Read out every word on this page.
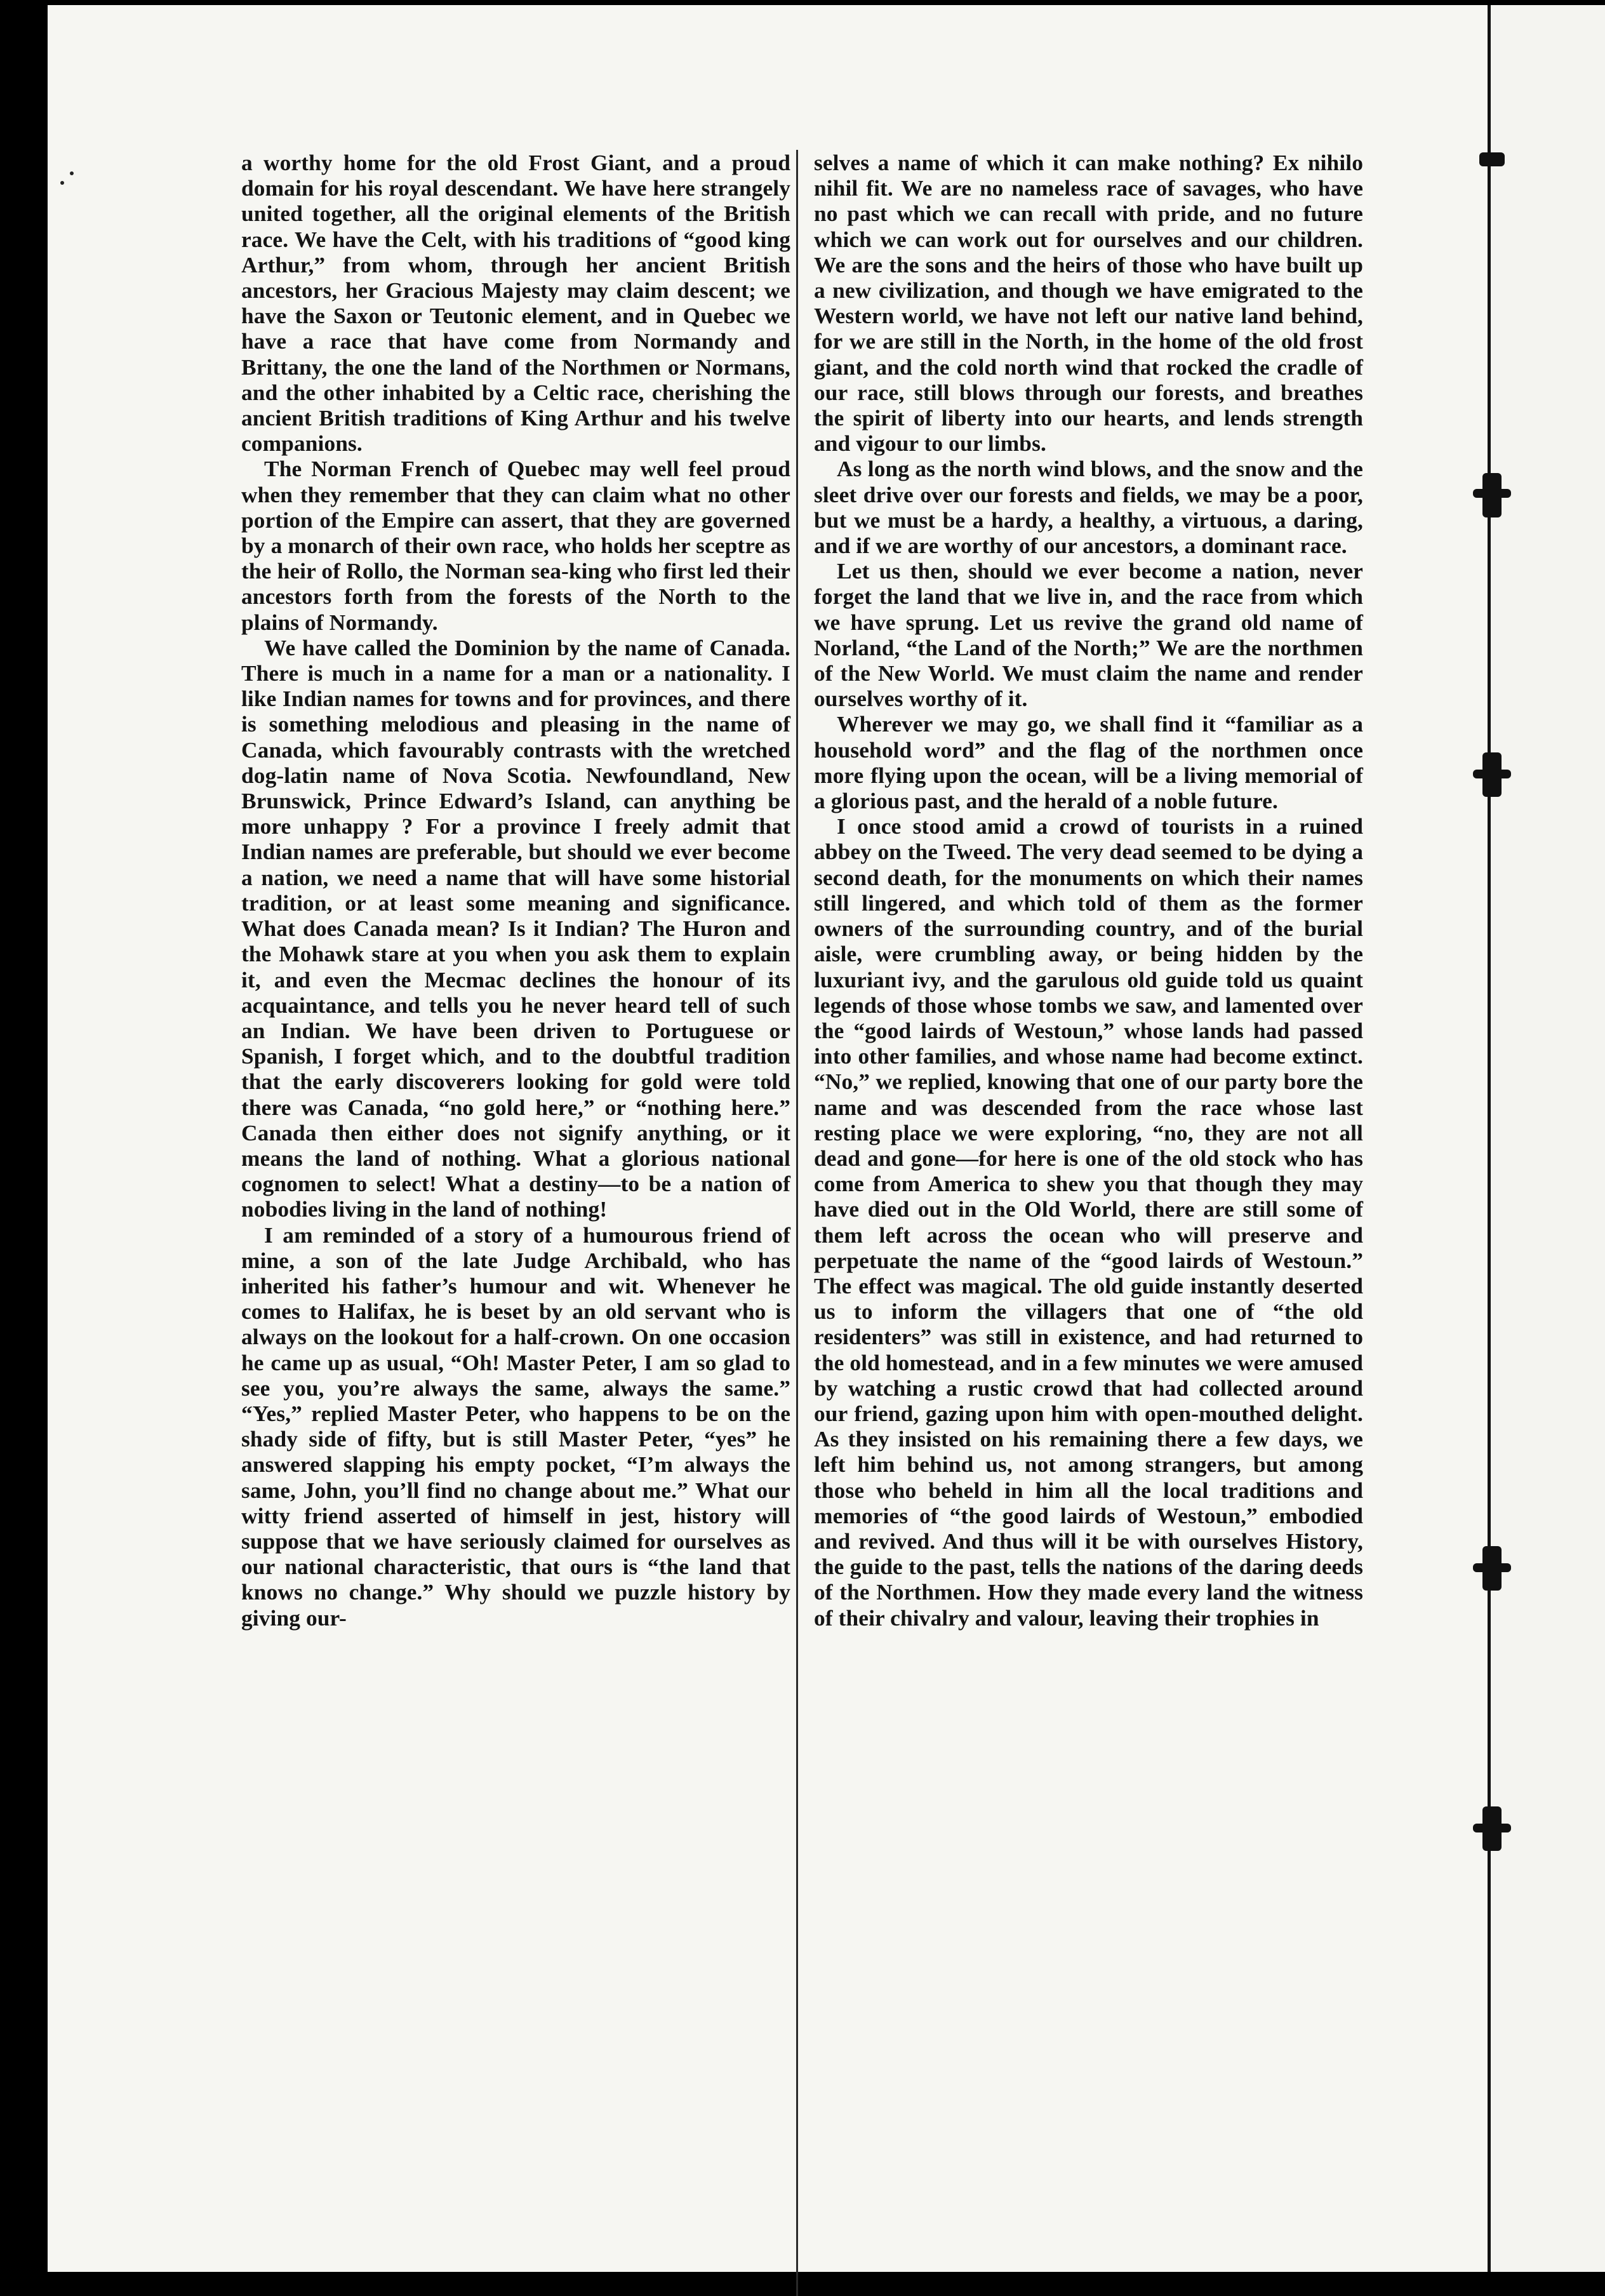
a worthy home for the old Frost Giant, and a proud domain for his royal descendant. We have here strangely united together, all the original elements of the British race. We have the Celt, with his traditions of “good king Arthur,” from whom, through her ancient British ancestors, her Gracious Majesty may claim descent; we have the Saxon or Teutonic element, and in Quebec we have a race that have come from Normandy and Brittany, the one the land of the Northmen or Normans, and the other inhabited by a Celtic race, cherishing the ancient British traditions of King Arthur and his twelve companions.

The Norman French of Quebec may well feel proud when they remember that they can claim what no other portion of the Empire can assert, that they are governed by a monarch of their own race, who holds her sceptre as the heir of Rollo, the Norman sea-king who first led their ancestors forth from the forests of the North to the plains of Normandy.

We have called the Dominion by the name of Canada. There is much in a name for a man or a nationality. I like Indian names for towns and for provinces, and there is something melodious and pleasing in the name of Canada, which favourably contrasts with the wretched dog-latin name of Nova Scotia. Newfoundland, New Brunswick, Prince Edward’s Island, can anything be more unhappy ? For a province I freely admit that Indian names are preferable, but should we ever become a nation, we need a name that will have some historial tradition, or at least some meaning and significance. What does Canada mean? Is it Indian? The Huron and the Mohawk stare at you when you ask them to explain it, and even the Mecmac declines the honour of its acquaintance, and tells you he never heard tell of such an Indian. We have been driven to Portuguese or Spanish, I forget which, and to the doubtful tradition that the early discoverers looking for gold were told there was Canada, “no gold here,” or “nothing here.” Canada then either does not signify anything, or it means the land of nothing. What a glorious national cognomen to select! What a destiny—to be a nation of nobodies living in the land of nothing!

I am reminded of a story of a humourous friend of mine, a son of the late Judge Archibald, who has inherited his father’s humour and wit. Whenever he comes to Halifax, he is beset by an old servant who is always on the lookout for a half-crown. On one occasion he came up as usual, “Oh! Master Peter, I am so glad to see you, you’re always the same, always the same.” “Yes,” replied Master Peter, who happens to be on the shady side of fifty, but is still Master Peter, “yes” he answered slapping his empty pocket, “I’m always the same, John, you’ll find no change about me.” What our witty friend asserted of himself in jest, history will suppose that we have seriously claimed for ourselves as our national characteristic, that ours is “the land that knows no change.” Why should we puzzle history by giving our-

selves a name of which it can make nothing? Ex nihilo nihil fit. We are no nameless race of savages, who have no past which we can recall with pride, and no future which we can work out for ourselves and our children. We are the sons and the heirs of those who have built up a new civilization, and though we have emigrated to the Western world, we have not left our native land behind, for we are still in the North, in the home of the old frost giant, and the cold north wind that rocked the cradle of our race, still blows through our forests, and breathes the spirit of liberty into our hearts, and lends strength and vigour to our limbs.

As long as the north wind blows, and the snow and the sleet drive over our forests and fields, we may be a poor, but we must be a hardy, a healthy, a virtuous, a daring, and if we are worthy of our ancestors, a dominant race.

Let us then, should we ever become a nation, never forget the land that we live in, and the race from which we have sprung. Let us revive the grand old name of Norland, “the Land of the North;” We are the northmen of the New World. We must claim the name and render ourselves worthy of it.

Wherever we may go, we shall find it “familiar as a household word” and the flag of the northmen once more flying upon the ocean, will be a living memorial of a glorious past, and the herald of a noble future.

I once stood amid a crowd of tourists in a ruined abbey on the Tweed. The very dead seemed to be dying a second death, for the monuments on which their names still lingered, and which told of them as the former owners of the surrounding country, and of the burial aisle, were crumbling away, or being hidden by the luxuriant ivy, and the garulous old guide told us quaint legends of those whose tombs we saw, and lamented over the “good lairds of Westoun,” whose lands had passed into other families, and whose name had become extinct. “No,” we replied, knowing that one of our party bore the name and was descended from the race whose last resting place we were exploring, “no, they are not all dead and gone—for here is one of the old stock who has come from America to shew you that though they may have died out in the Old World, there are still some of them left across the ocean who will preserve and perpetuate the name of the “good lairds of Westoun.” The effect was magical. The old guide instantly deserted us to inform the villagers that one of “the old residenters” was still in existence, and had returned to the old homestead, and in a few minutes we were amused by watching a rustic crowd that had collected around our friend, gazing upon him with open-mouthed delight. As they insisted on his remaining there a few days, we left him behind us, not among strangers, but among those who beheld in him all the local traditions and memories of “the good lairds of Westoun,” embodied and revived. And thus will it be with ourselves History, the guide to the past, tells the nations of the daring deeds of the Northmen. How they made every land the witness of their chivalry and valour, leaving their trophies in
